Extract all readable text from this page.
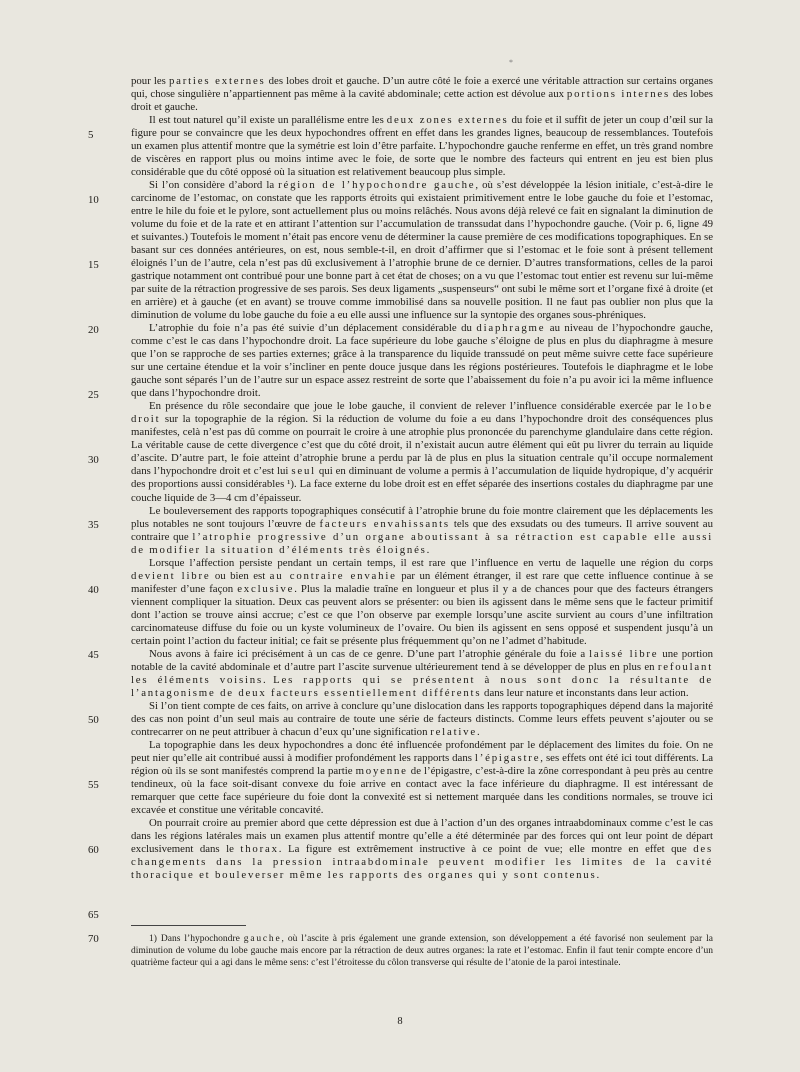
*
5
10
15
20
25
30
35
40
45
50
55
60
65
70

pour les parties externes des lobes droit et gauche. D’un autre côté le foie a exercé une véritable attraction sur certains organes qui, chose singulière n’appartiennent pas même à la cavité abdominale; cette action est dévolue aux portions internes des lobes droit et gauche.

Il est tout naturel qu’il existe un parallélisme entre les deux zones externes du foie et il suffit de jeter un coup d’œil sur la figure pour se convaincre que les deux hypochondres offrent en effet dans les grandes lignes, beaucoup de ressemblances. Toutefois un examen plus attentif montre que la symétrie est loin d’être parfaite. L’hypochondre gauche renferme en effet, un très grand nombre de viscères en rapport plus ou moins intime avec le foie, de sorte que le nombre des facteurs qui entrent en jeu est bien plus considérable que du côté opposé où la situation est relativement beaucoup plus simple.

Si l’on considère d’abord la région de l’hypochondre gauche, où s’est développée la lésion initiale, c’est-à-dire le carcinome de l’estomac, on constate que les rapports étroits qui existaient primitivement entre le lobe gauche du foie et l’estomac, entre le hile du foie et le pylore, sont actuellement plus ou moins relâchés. Nous avons déjà relevé ce fait en signalant la diminution de volume du foie et de la rate et en attirant l’attention sur l’accumulation de transsudat dans l’hypochondre gauche. (Voir p. 6, ligne 49 et suivantes.) Toutefois le moment n’était pas encore venu de déterminer la cause première de ces modifications topographiques. En se basant sur ces données antérieures, on est, nous semble-t-il, en droit d’affirmer que si l’estomac et le foie sont à présent tellement éloignés l’un de l’autre, cela n’est pas dû exclusivement à l’atrophie brune de ce dernier. D’autres transformations, celles de la paroi gastrique notamment ont contribué pour une bonne part à cet état de choses; on a vu que l’estomac tout entier est revenu sur lui-même par suite de la rétraction progressive de ses parois. Ses deux ligaments „suspenseurs“ ont subi le même sort et l’organe fixé à droite (et en arrière) et à gauche (et en avant) se trouve comme immobilisé dans sa nouvelle position. Il ne faut pas oublier non plus que la diminution de volume du lobe gauche du foie a eu elle aussi une influence sur la syntopie des organes sous-phréniques.

L’atrophie du foie n’a pas été suivie d’un déplacement considérable du diaphragme au niveau de l’hypochondre gauche, comme c’est le cas dans l’hypochondre droit. La face supérieure du lobe gauche s’éloigne de plus en plus du diaphragme à mesure que l’on se rapproche de ses parties externes; grâce à la transparence du liquide transsudé on peut même suivre cette face supérieure sur une certaine étendue et la voir s’incliner en pente douce jusque dans les régions postérieures. Toutefois le diaphragme et le lobe gauche sont séparés l’un de l’autre sur un espace assez restreint de sorte que l’abaissement du foie n’a pu avoir ici la même influence que dans l’hypochondre droit.

En présence du rôle secondaire que joue le lobe gauche, il convient de relever l’influence considérable exercée par le lobe droit sur la topographie de la région. Si la réduction de volume du foie a eu dans l’hypochondre droit des conséquences plus manifestes, celà n’est pas dû comme on pourrait le croire à une atrophie plus prononcée du parenchyme glandulaire dans cette région. La véritable cause de cette divergence c’est que du côté droit, il n’existait aucun autre élément qui eût pu livrer du terrain au liquide d’ascite. D’autre part, le foie atteint d’atrophie brune a perdu par là de plus en plus la situation centrale qu’il occupe normalement dans l’hypochondre droit et c’est lui seul qui en diminuant de volume a permis à l’accumulation de liquide hydropique, d’y acquérir des proportions aussi considérables ¹). La face externe du lobe droit est en effet séparée des insertions costales du diaphragme par une couche liquide de 3—4 cm d’épaisseur.

Le bouleversement des rapports topographiques consécutif à l’atrophie brune du foie montre clairement que les déplacements les plus notables ne sont toujours l’œuvre de facteurs envahissants tels que des exsudats ou des tumeurs. Il arrive souvent au contraire que l’atrophie progressive d’un organe aboutissant à sa rétraction est capable elle aussi de modifier la situation d’éléments très éloignés.

Lorsque l’affection persiste pendant un certain temps, il est rare que l’influence en vertu de laquelle une région du corps devient libre ou bien est au contraire envahie par un élément étranger, il est rare que cette influence continue à se manifester d’une façon exclusive. Plus la maladie traîne en longueur et plus il y a de chances pour que des facteurs étrangers viennent compliquer la situation. Deux cas peuvent alors se présenter: ou bien ils agissent dans le même sens que le facteur primitif dont l’action se trouve ainsi accrue; c’est ce que l’on observe par exemple lorsqu’une ascite survient au cours d’une infiltration carcinomateuse diffuse du foie ou un kyste volumineux de l’ovaire. Ou bien ils agissent en sens opposé et suspendent jusqu’à un certain point l’action du facteur initial; ce fait se présente plus fréquemment qu’on ne l’admet d’habitude.

Nous avons à faire ici précisément à un cas de ce genre. D’une part l’atrophie générale du foie a laissé libre une portion notable de la cavité abdominale et d’autre part l’ascite survenue ultérieurement tend à se développer de plus en plus en refoulant les éléments voisins. Les rapports qui se présentent à nous sont donc la résultante de l’antagonisme de deux facteurs essentiellement différents dans leur nature et inconstants dans leur action.

Si l’on tient compte de ces faits, on arrive à conclure qu’une dislocation dans les rapports topographiques dépend dans la majorité des cas non point d’un seul mais au contraire de toute une série de facteurs distincts. Comme leurs effets peuvent s’ajouter ou se contrecarrer on ne peut attribuer à chacun d’eux qu’une signification relative.

La topographie dans les deux hypochondres a donc été influencée profondément par le déplacement des limites du foie. On ne peut nier qu’elle ait contribué aussi à modifier profondément les rapports dans l’épigastre, ses effets ont été ici tout différents. La région où ils se sont manifestés comprend la partie moyenne de l’épigastre, c’est-à-dire la zône correspondant à peu près au centre tendineux, où la face soit-disant convexe du foie arrive en contact avec la face inférieure du diaphragme. Il est intéressant de remarquer que cette face supérieure du foie dont la convexité est si nettement marquée dans les conditions normales, se trouve ici excavée et constitue une véritable concavité.

On pourrait croire au premier abord que cette dépression est due à l’action d’un des organes intraabdominaux comme c’est le cas dans les régions latérales mais un examen plus attentif montre qu’elle a été déterminée par des forces qui ont leur point de départ exclusivement dans le thorax. La figure est extrêmement instructive à ce point de vue; elle montre en effet que des changements dans la pression intraabdominale peuvent modifier les limites de la cavité thoracique et bouleverser même les rapports des organes qui y sont contenus.

1) Dans l’hypochondre gauche, où l’ascite à pris également une grande extension, son développement a été favorisé non seulement par la diminution de volume du lobe gauche mais encore par la rétraction de deux autres organes: la rate et l’estomac. Enfin il faut tenir compte encore d’un quatrième facteur qui a agi dans le même sens: c’est l’étroitesse du côlon transverse qui résulte de l’atonie de la paroi intestinale.

8
